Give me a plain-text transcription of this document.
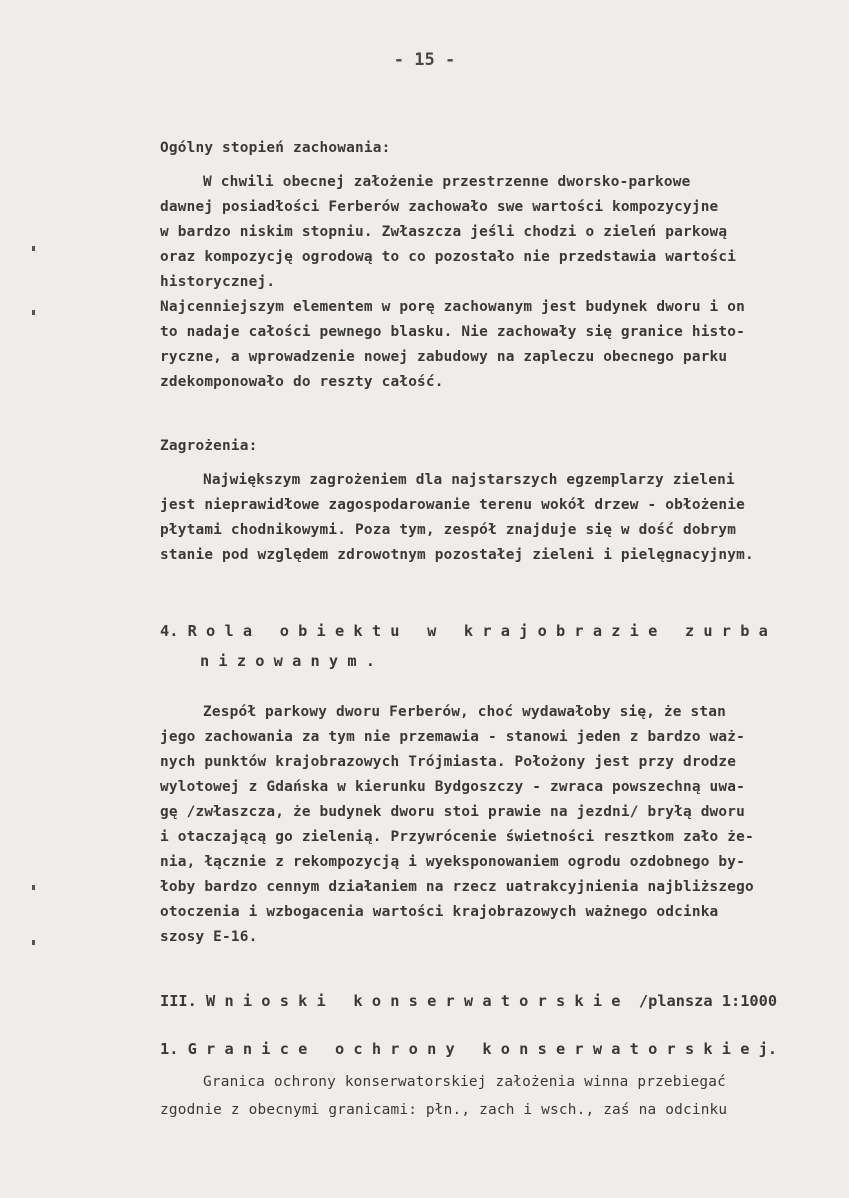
- 15 -
Ogólny stopień zachowania:
W chwili obecnej założenie przestrzenne dworsko-parkowe
dawnej posiadłości Ferberów zachowało swe wartości kompozycyjne
w bardzo niskim stopniu. Zwłaszcza jeśli chodzi o zieleń parkową
oraz kompozycję ogrodową to co pozostało nie przedstawia wartości
historycznej.
Najcenniejszym elementem w porę zachowanym jest budynek dworu i on
to nadaje całości pewnego blasku. Nie zachowały się granice histo-
ryczne, a wprowadzenie nowej zabudowy na zapleczu obecnego parku
zdekomponowało do reszty całość.
Zagrożenia:
Największym zagrożeniem dla najstarszych egzemplarzy zieleni
jest nieprawidłowe zagospodarowanie terenu wokół drzew - obłożenie
płytami chodnikowymi. Poza tym, zespół znajduje się w dość dobrym
stanie pod względem zdrowotnym pozostałej zieleni i pielęgnacyjnym.
4. R o l a   o b i e k t u   w   k r a j o b r a z i e   z u r b a
n i z o w a n y m .
Zespół parkowy dworu Ferberów, choć wydawałoby się, że stan
jego zachowania za tym nie przemawia - stanowi jeden z bardzo waż-
nych punktów krajobrazowych Trójmiasta. Położony jest przy drodze
wylotowej z Gdańska w kierunku Bydgoszczy - zwraca powszechną uwa-
gę /zwłaszcza, że budynek dworu stoi prawie na jezdni/ bryłą dworu
i otaczającą go zielenią. Przywrócenie świetności resztkom zało że-
nia, łącznie z rekompozycją i wyeksponowaniem ogrodu ozdobnego by-
łoby bardzo cennym działaniem na rzecz uatrakcyjnienia najbliższego
otoczenia i wzbogacenia wartości krajobrazowych ważnego odcinka
szosy E-16.
III. W n i o s k i   k o n s e r w a t o r s k i e  /plansza 1:1000
1. G r a n i c e   o c h r o n y   k o n s e r w a t o r s k i e j.
Granica ochrony konserwatorskiej założenia winna przebiegać
zgodnie z obecnymi granicami: płn., zach i wsch., zaś na odcinku
